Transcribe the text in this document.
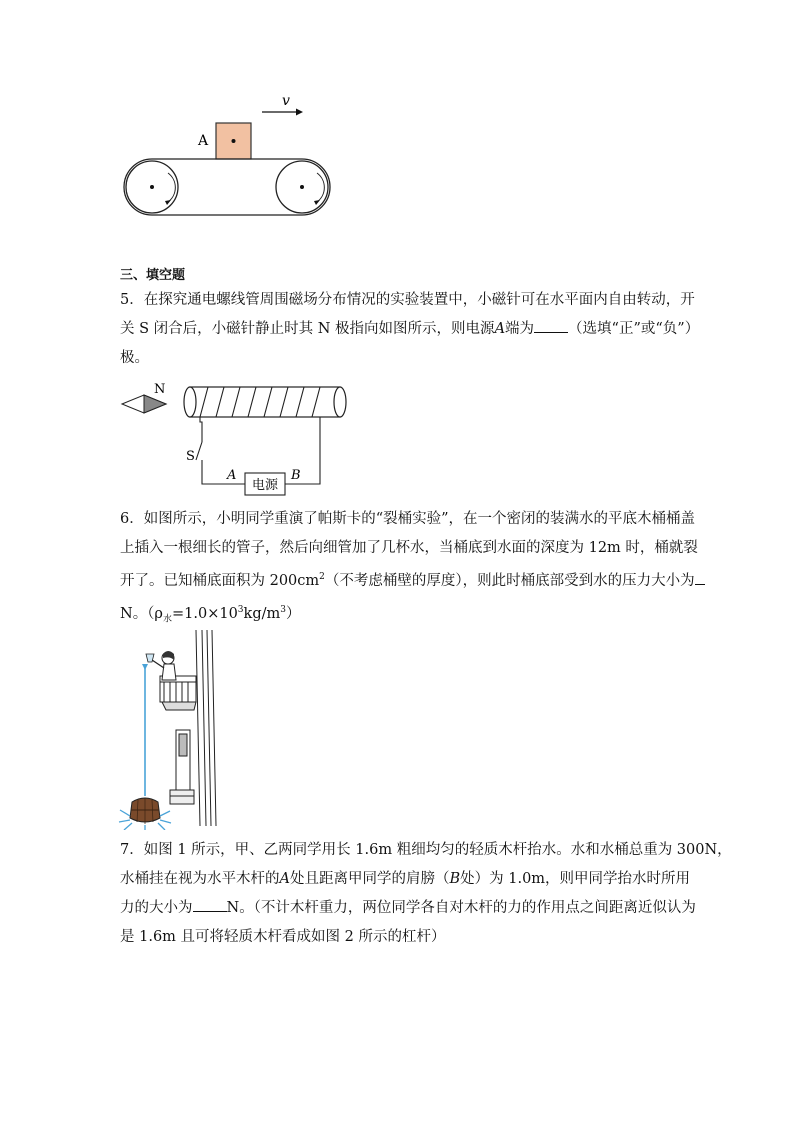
v
A
三、填空题
5．在探究通电螺线管周围磁场分布情况的实验装置中，小磁针可在水平面内自由转动，开
关 S 闭合后，小磁针静止时其 N 极指向如图所示，则电源A端为 （选填“正”或“负”）
极。
N
S
电源
A	B
6．如图所示，小明同学重演了帕斯卡的“裂桶实验”，在一个密闭的装满水的平底木桶桶盖
上插入一根细长的管子，然后向细管加了几杯水，当桶底到水面的深度为 12m 时，桶就裂
开了。已知桶底面积为 $200cm^2$（不考虑桶壁的厚度），则此时桶底部受到水的压力大小为
N。$(\rho_水=1.0\times 10^3kg/m^3)$
7．如图 1 所示，甲、乙两同学用长 1.6m 粗细均匀的轻质木杆抬水。水和水桶总重为 300N，
水桶挂在视为水平木杆的A处且距离甲同学的肩膀（B处）为 1.0m，则甲同学抬水时所用
力的大小为 N。（不计木杆重力，两位同学各自对木杆的力的作用点之间距离近似认为
是 1.6m 且可将轻质木杆看成如图 2 所示的杠杆）
